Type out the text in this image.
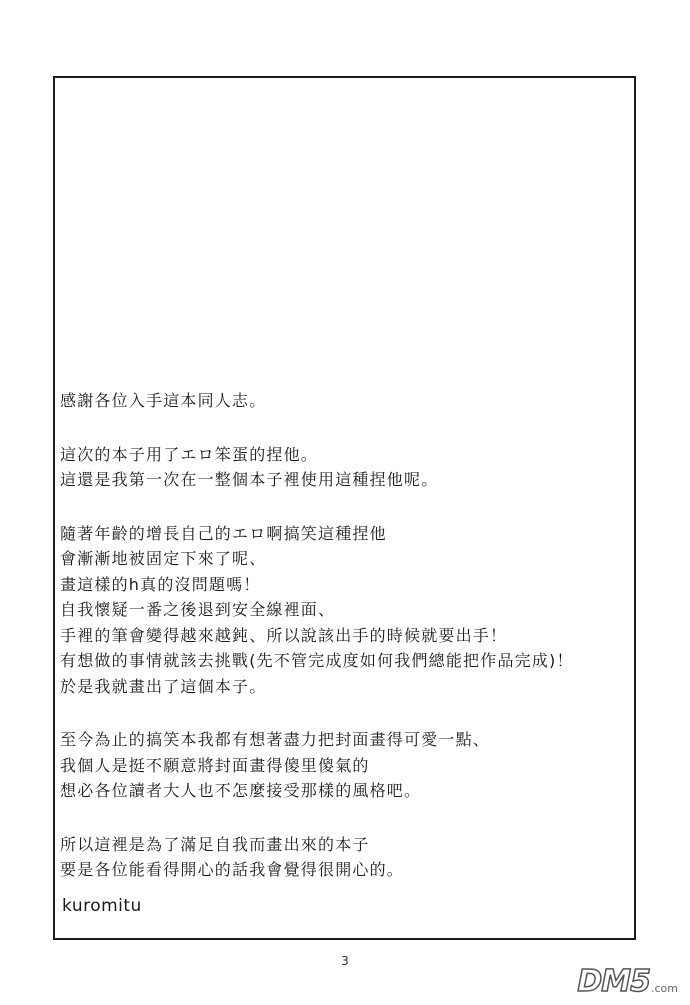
感謝各位入手這本同人志。

這次的本子用了エロ笨蛋的捏他。
這還是我第一次在一整個本子裡使用這種捏他呢。

隨著年齡的增長自己的エロ啊搞笑這種捏他
會漸漸地被固定下來了呢、
畫這樣的h真的沒問題嗎！
自我懷疑一番之後退到安全線裡面、
手裡的筆會變得越來越鈍、所以說該出手的時候就要出手！
有想做的事情就該去挑戰(先不管完成度如何我們總能把作品完成)！
於是我就畫出了這個本子。

至今為止的搞笑本我都有想著盡力把封面畫得可愛一點、
我個人是挺不願意將封面畫得傻里傻氣的
想必各位讀者大人也不怎麼接受那樣的風格吧。

所以這裡是為了滿足自我而畫出來的本子
要是各位能看得開心的話我會覺得很開心的。

kuromitu
3
DM5 .com
